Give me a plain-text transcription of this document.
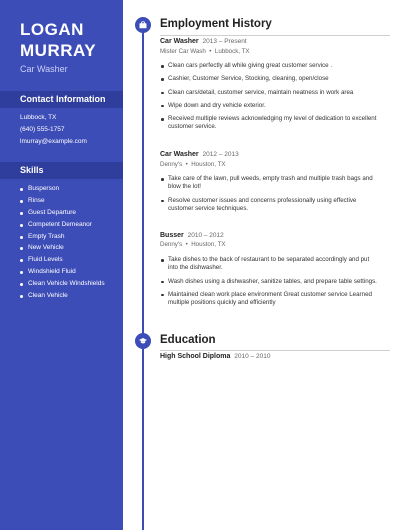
LOGAN
MURRAY
Car Washer
Contact Information
Lubbock, TX
(640) 555-1757
lmurray@example.com
Skills
Busperson
Rinse
Guest Departure
Competent Demeanor
Empty Trash
New Vehicle
Fluid Levels
Windshield Fluid
Clean Vehicle Windshields
Clean Vehicle
Employment History
Car Washer 2013 – Present
Mister Car Wash  •  Lubbock, TX
Clean cars perfectly all while giving great customer service .
Cashier, Customer Service, Stocking, cleaning, open/close
Clean cars/detail, customer service, maintain neatness in work area
Wipe down and dry vehicle exterior.
Received multiple reviews acknowledging my level of dedication to excellent customer service.
Car Washer 2012 – 2013
Denny's  •  Houston, TX
Take care of the lawn, pull weeds, empty trash and multiple trash bags and blow the lot!
Resolve customer issues and concerns professionally using effective customer service techniques.
Busser 2010 – 2012
Denny's  •  Houston, TX
Take dishes to the back of restaurant to be separated accordingly and put into the dishwasher.
Wash dishes using a dishwasher, sanitize tables, and prepare table settings.
Maintained clean work place environment Great customer service Learned multiple positions quickly and efficiently
Education
High School Diploma 2010 – 2010
